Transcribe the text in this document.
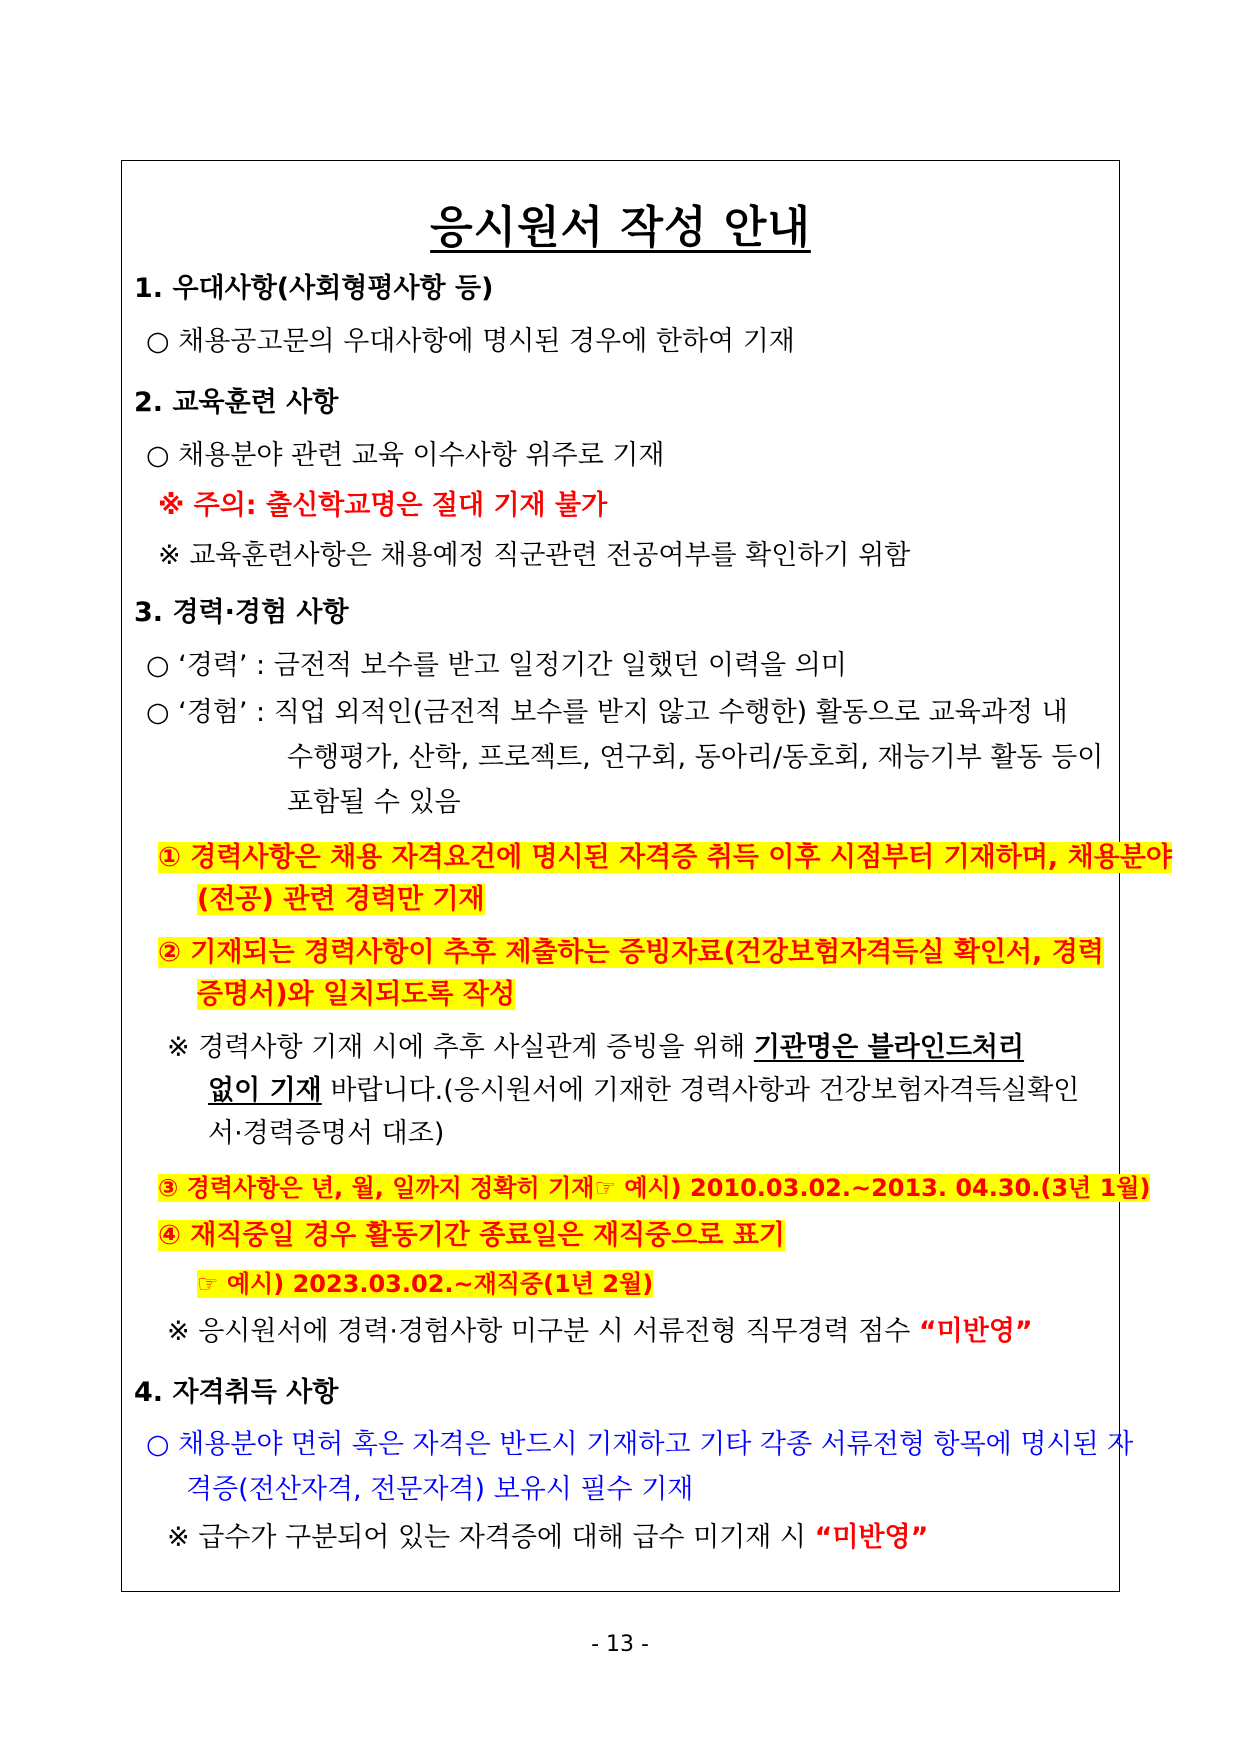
응시원서 작성 안내
1. 우대사항(사회형평사항 등)
○ 채용공고문의 우대사항에 명시된 경우에 한하여 기재
2. 교육훈련 사항
○ 채용분야 관련 교육 이수사항 위주로 기재
※ 주의: 출신학교명은 절대 기재 불가
※ 교육훈련사항은 채용예정 직군관련 전공여부를 확인하기 위함
3. 경력·경험 사항
○ ‘경력’ : 금전적 보수를 받고 일정기간 일했던 이력을 의미
○ ‘경험’ : 직업 외적인(금전적 보수를 받지 않고 수행한) 활동으로 교육과정 내
수행평가, 산학, 프로젝트, 연구회, 동아리/동호회, 재능기부 활동 등이
포함될 수 있음
① 경력사항은 채용 자격요건에 명시된 자격증 취득 이후 시점부터 기재하며, 채용분야
(전공) 관련 경력만 기재
② 기재되는 경력사항이 추후 제출하는 증빙자료(건강보험자격득실 확인서, 경력
증명서)와 일치되도록 작성
※ 경력사항 기재 시에 추후 사실관계 증빙을 위해 기관명은 블라인드처리
없이 기재 바랍니다.(응시원서에 기재한 경력사항과 건강보험자격득실확인
서·경력증명서 대조)
③ 경력사항은 년, 월, 일까지 정확히 기재☞ 예시) 2010.03.02.~2013. 04.30.(3년 1월)
④ 재직중일 경우 활동기간 종료일은 재직중으로 표기
☞ 예시) 2023.03.02.~재직중(1년 2월)
※ 응시원서에 경력·경험사항 미구분 시 서류전형 직무경력 점수 “미반영”
4. 자격취득 사항
○ 채용분야 면허 혹은 자격은 반드시 기재하고 기타 각종 서류전형 항목에 명시된 자
격증(전산자격, 전문자격) 보유시 필수 기재
※ 급수가 구분되어 있는 자격증에 대해 급수 미기재 시 “미반영”
- 13 -
